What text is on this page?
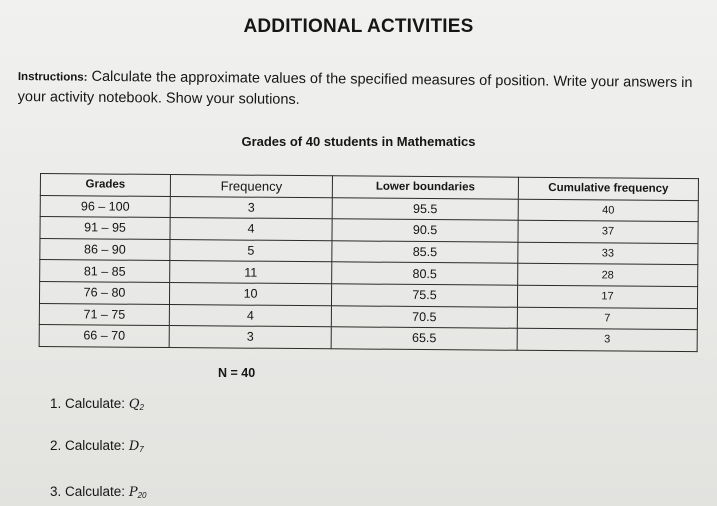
ADDITIONAL ACTIVITIES
Instructions: Calculate the approximate values of the specified measures of position. Write your answers in your activity notebook. Show your solutions.
Grades of 40 students in Mathematics
Grades	Frequency	Lower boundaries	Cumulative frequency
96 – 100	3	95.5	40
91 – 95	4	90.5	37
86 – 90	5	85.5	33
81 – 85	11	80.5	28
76 – 80	10	75.5	17
71 – 75	4	70.5	7
66 – 70	3	65.5	3
N = 40
1. Calculate: $Q_2$
2. Calculate: $D_7$
3. Calculate: $P_{20}$
